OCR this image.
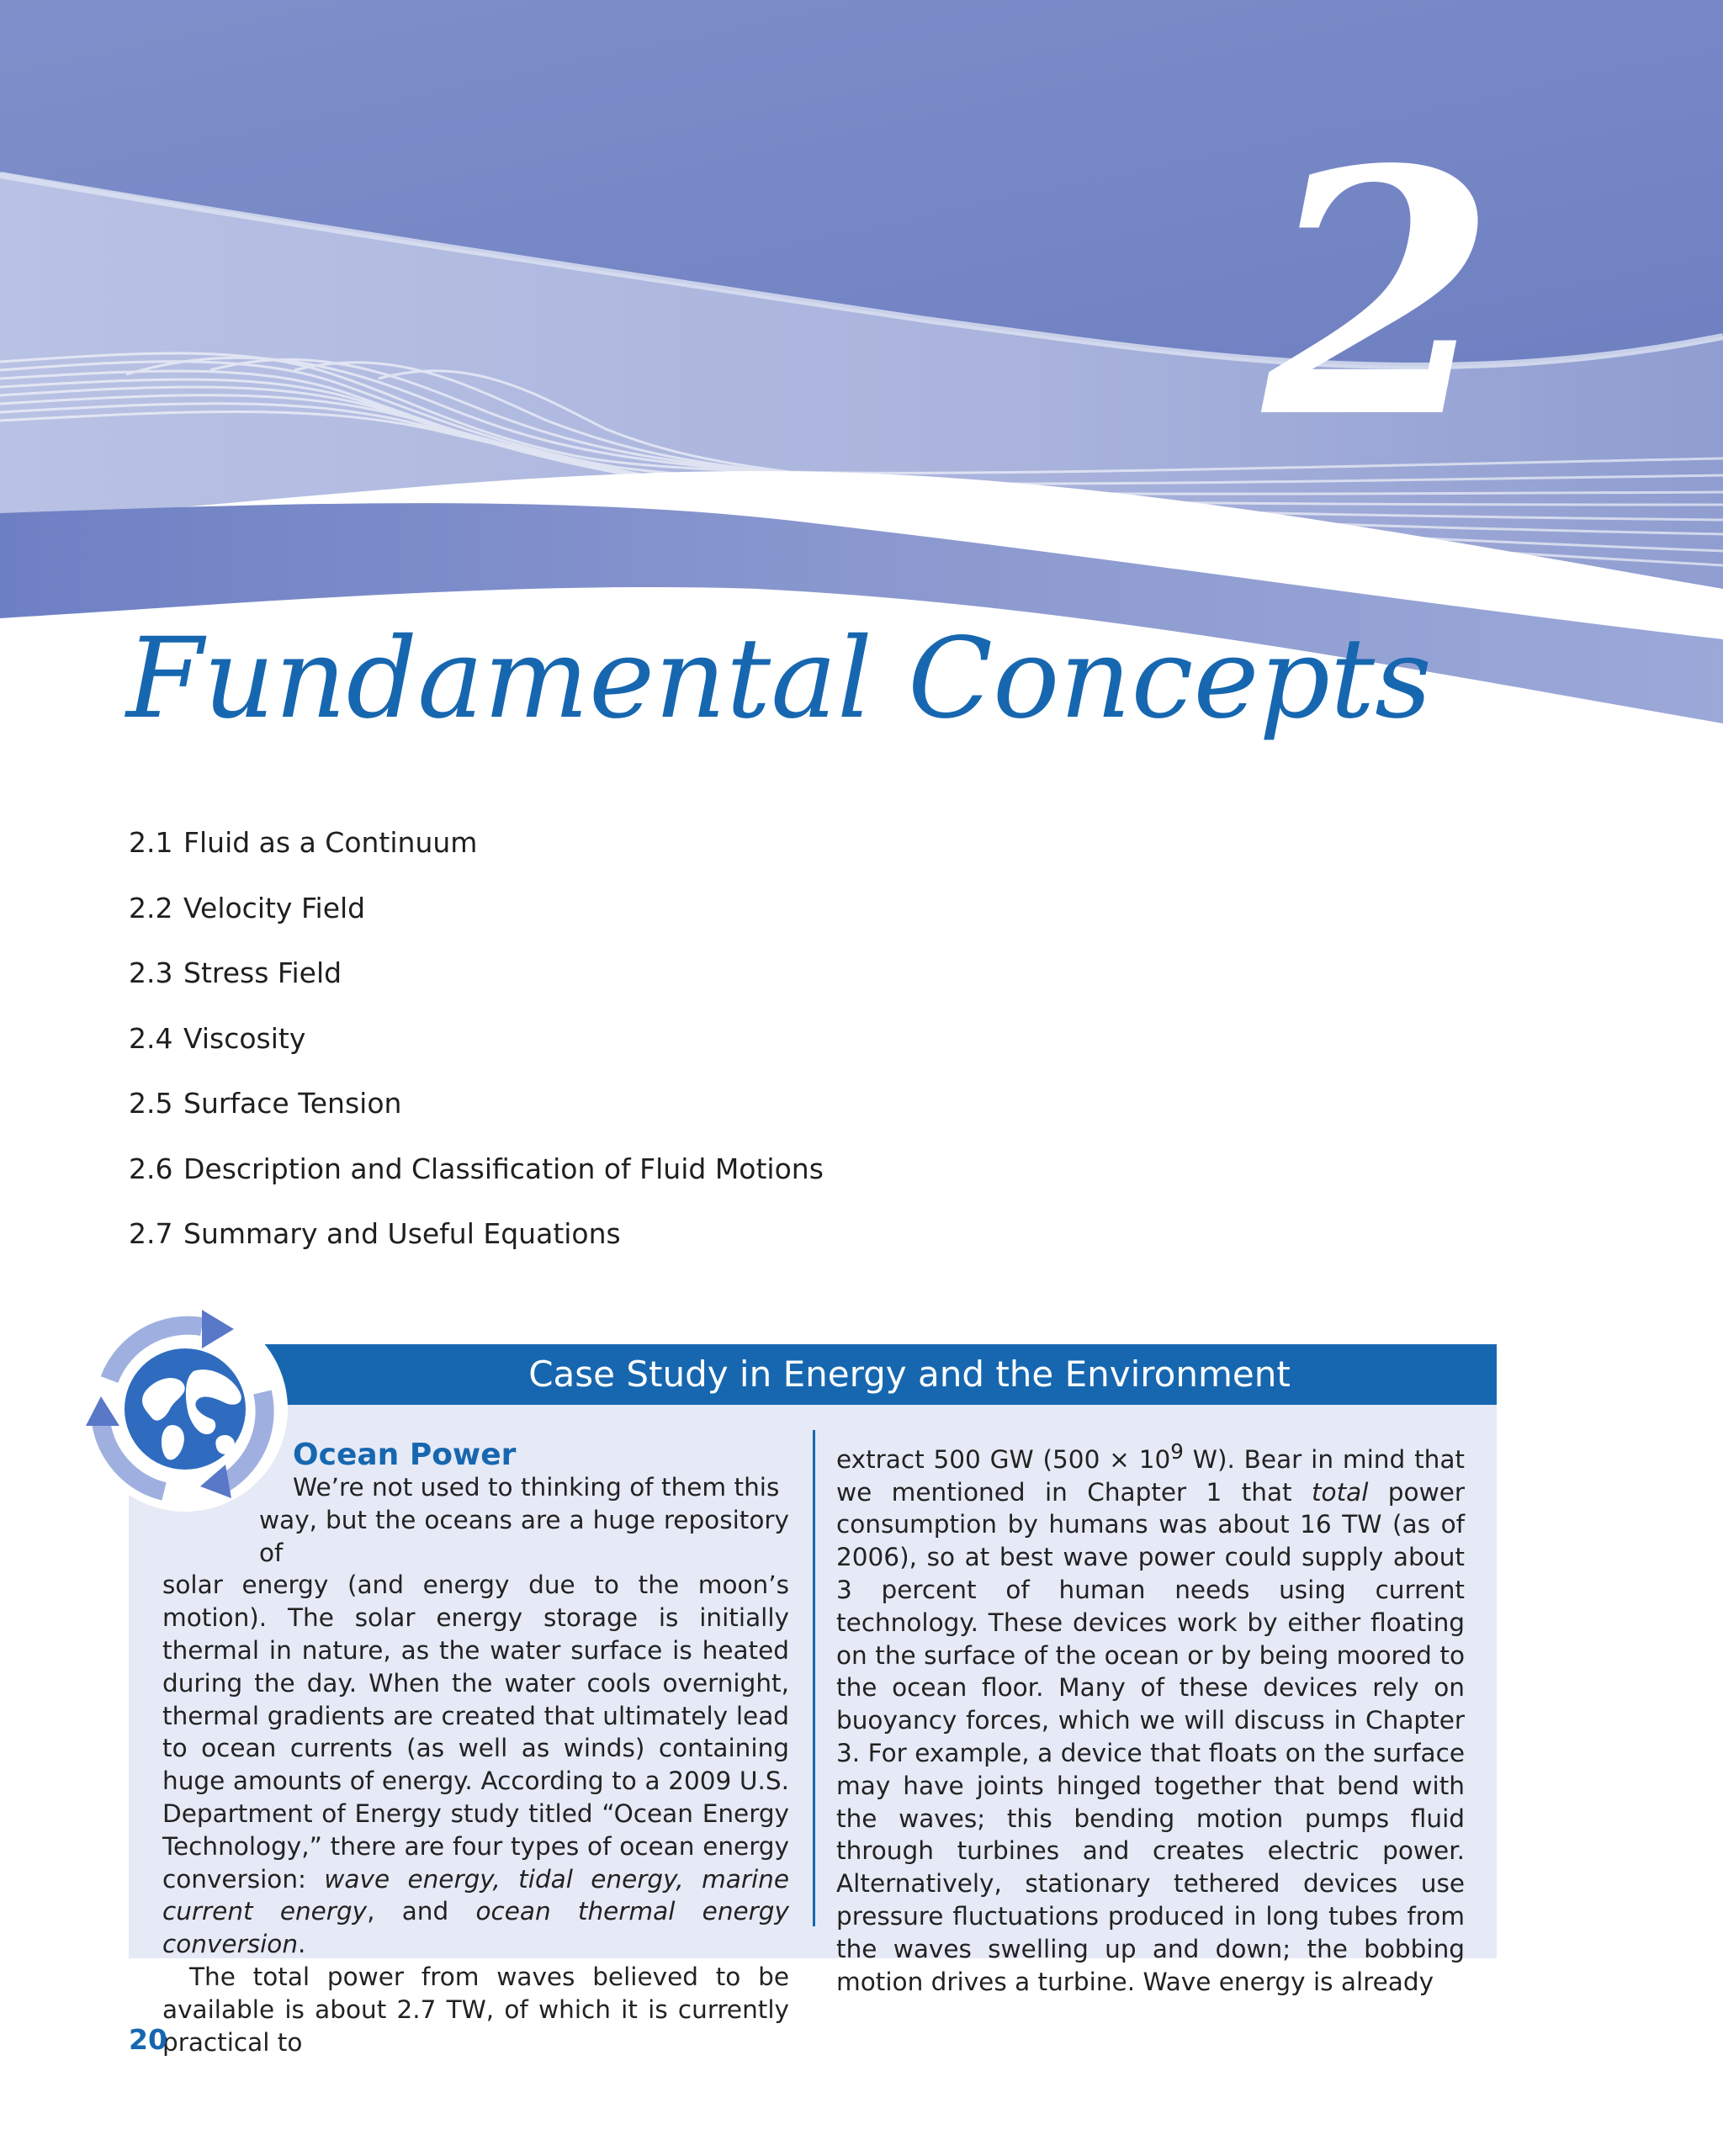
2
Fundamental Concepts
2.1 Fluid as a Continuum
2.2 Velocity Field
2.3 Stress Field
2.4 Viscosity
2.5 Surface Tension
2.6 Description and Classification of Fluid Motions
2.7 Summary and Useful Equations
Case Study in Energy and the Environment
Ocean Power

We’re not used to thinking of them this

way, but the oceans are a huge repository of

solar energy (and energy due to the moon’s motion). The solar energy storage is initially thermal in nature, as the water surface is heated during the day. When the water cools overnight, thermal gradients are created that ultimately lead to ocean currents (as well as winds) containing huge amounts of energy. According to a 2009 U.S. Department of Energy study titled “Ocean Energy Technology,” there are four types of ocean energy conversion: wave energy, tidal energy, marine current energy, and ocean thermal energy conversion.

The total power from waves believed to be available is about 2.7 TW, of which it is currently practical to

extract 500 GW ($500 \times 10^9$ W). Bear in mind that we mentioned in Chapter 1 that total power consumption by humans was about 16 TW (as of 2006), so at best wave power could supply about 3 percent of human needs using current technology. These devices work by either floating on the surface of the ocean or by being moored to the ocean floor. Many of these devices rely on buoyancy forces, which we will discuss in Chapter 3. For example, a device that floats on the surface may have joints hinged together that bend with the waves; this bending motion pumps fluid through turbines and creates electric power. Alternatively, stationary tethered devices use pressure fluctuations produced in long tubes from the waves swelling up and down; the bobbing motion drives a turbine. Wave energy is already

20
